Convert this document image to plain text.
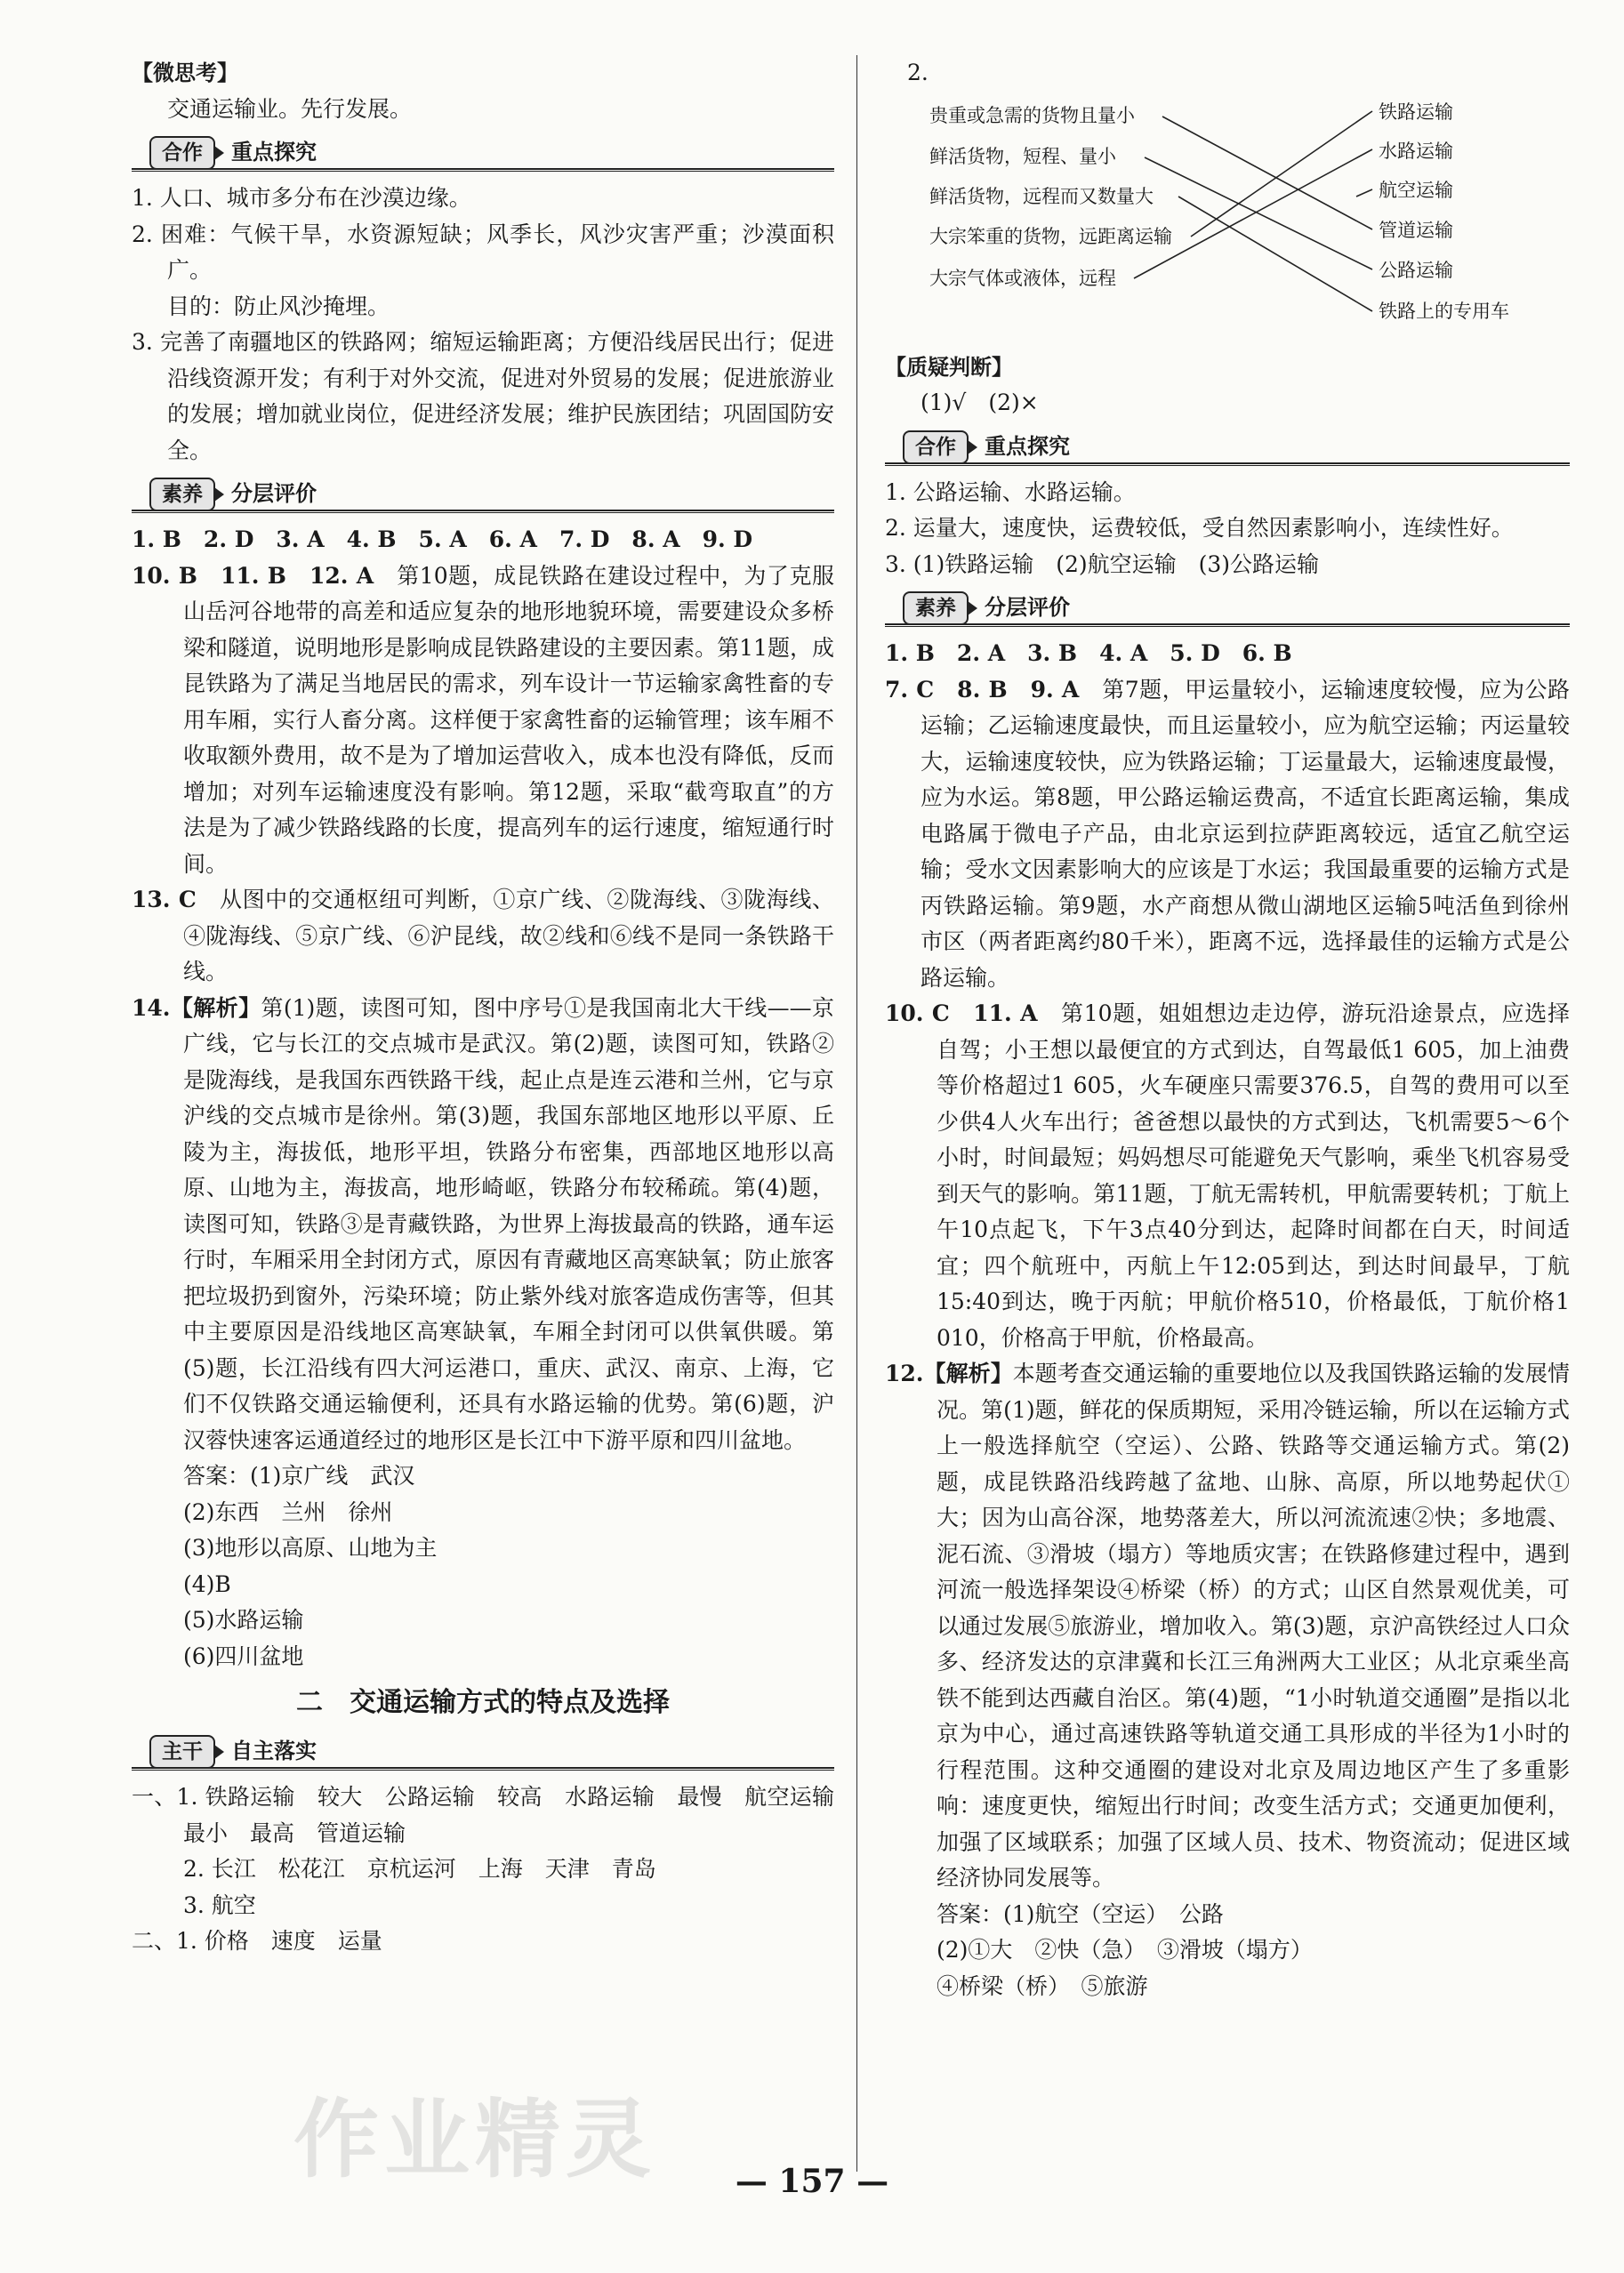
【微思考】

交通运输业。先行发展。

合作	重点探究

1. 人口、城市多分布在沙漠边缘。

2. 困难：气候干旱，水资源短缺；风季长，风沙灾害严重；沙漠面积广。

目的：防止风沙掩埋。

3. 完善了南疆地区的铁路网；缩短运输距离；方便沿线居民出行；促进沿线资源开发；有利于对外交流，促进对外贸易的发展；促进旅游业的发展；增加就业岗位，促进经济发展；维护民族团结；巩固国防安全。

素养	分层评价

1. B　2. D　3. A　4. B　5. A　6. A　7. D　8. A　9. D

10. B　11. B　12. A　第10题，成昆铁路在建设过程中，为了克服山岳河谷地带的高差和适应复杂的地形地貌环境，需要建设众多桥梁和隧道，说明地形是影响成昆铁路建设的主要因素。第11题，成昆铁路为了满足当地居民的需求，列车设计一节运输家禽牲畜的专用车厢，实行人畜分离。这样便于家禽牲畜的运输管理；该车厢不收取额外费用，故不是为了增加运营收入，成本也没有降低，反而增加；对列车运输速度没有影响。第12题，采取“截弯取直”的方法是为了减少铁路线路的长度，提高列车的运行速度，缩短通行时间。

13. C　从图中的交通枢纽可判断，①京广线、②陇海线、③陇海线、④陇海线、⑤京广线、⑥沪昆线，故②线和⑥线不是同一条铁路干线。

14.【解析】第(1)题，读图可知，图中序号①是我国南北大干线——京广线，它与长江的交点城市是武汉。第(2)题，读图可知，铁路②是陇海线，是我国东西铁路干线，起止点是连云港和兰州，它与京沪线的交点城市是徐州。第(3)题，我国东部地区地形以平原、丘陵为主，海拔低，地形平坦，铁路分布密集，西部地区地形以高原、山地为主，海拔高，地形崎岖，铁路分布较稀疏。第(4)题，读图可知，铁路③是青藏铁路，为世界上海拔最高的铁路，通车运行时，车厢采用全封闭方式，原因有青藏地区高寒缺氧；防止旅客把垃圾扔到窗外，污染环境；防止紫外线对旅客造成伤害等，但其中主要原因是沿线地区高寒缺氧，车厢全封闭可以供氧供暖。第(5)题，长江沿线有四大河运港口，重庆、武汉、南京、上海，它们不仅铁路交通运输便利，还具有水路运输的优势。第(6)题，沪汉蓉快速客运通道经过的地形区是长江中下游平原和四川盆地。

答案：(1)京广线　武汉

(2)东西　兰州　徐州

(3)地形以高原、山地为主

(4)B

(5)水路运输

(6)四川盆地

二　交通运输方式的特点及选择
主干	自主落实

一、1. 铁路运输　较大　公路运输　较高　水路运输　最慢　航空运输　最小　最高　管道运输

2. 长江　松花江　京杭运河　上海　天津　青岛

3. 航空

二、1. 价格　速度　运量

2.

贵重或急需的货物且量小
鲜活货物，短程、量小
鲜活货物，远程而又数量大
大宗笨重的货物，远距离运输
大宗气体或液体，远程
铁路运输
水路运输
航空运输
管道运输
公路运输
铁路上的专用车

【质疑判断】

(1)√　(2)×

合作	重点探究

1. 公路运输、水路运输。

2. 运量大，速度快，运费较低，受自然因素影响小，连续性好。

3. (1)铁路运输　(2)航空运输　(3)公路运输

素养	分层评价

1. B　2. A　3. B　4. A　5. D　6. B

7. C　8. B　9. A　第7题，甲运量较小，运输速度较慢，应为公路运输；乙运输速度最快，而且运量较小，应为航空运输；丙运量较大，运输速度较快，应为铁路运输；丁运量最大，运输速度最慢，应为水运。第8题，甲公路运输运费高，不适宜长距离运输，集成电路属于微电子产品，由北京运到拉萨距离较远，适宜乙航空运输；受水文因素影响大的应该是丁水运；我国最重要的运输方式是丙铁路运输。第9题，水产商想从微山湖地区运输5吨活鱼到徐州市区（两者距离约80千米），距离不远，选择最佳的运输方式是公路运输。

10. C　11. A　第10题，姐姐想边走边停，游玩沿途景点，应选择自驾；小王想以最便宜的方式到达，自驾最低1 605，加上油费等价格超过1 605，火车硬座只需要376.5，自驾的费用可以至少供4人火车出行；爸爸想以最快的方式到达，飞机需要5～6个小时，时间最短；妈妈想尽可能避免天气影响，乘坐飞机容易受到天气的影响。第11题，丁航无需转机，甲航需要转机；丁航上午10点起飞，下午3点40分到达，起降时间都在白天，时间适宜；四个航班中，丙航上午12:05到达，到达时间最早，丁航15:40到达，晚于丙航；甲航价格510，价格最低，丁航价格1 010，价格高于甲航，价格最高。

12.【解析】本题考查交通运输的重要地位以及我国铁路运输的发展情况。第(1)题，鲜花的保质期短，采用冷链运输，所以在运输方式上一般选择航空（空运）、公路、铁路等交通运输方式。第(2)题，成昆铁路沿线跨越了盆地、山脉、高原，所以地势起伏①大；因为山高谷深，地势落差大，所以河流流速②快；多地震、泥石流、③滑坡（塌方）等地质灾害；在铁路修建过程中，遇到河流一般选择架设④桥梁（桥）的方式；山区自然景观优美，可以通过发展⑤旅游业，增加收入。第(3)题，京沪高铁经过人口众多、经济发达的京津冀和长江三角洲两大工业区；从北京乘坐高铁不能到达西藏自治区。第(4)题，“1小时轨道交通圈”是指以北京为中心，通过高速铁路等轨道交通工具形成的半径为1小时的行程范围。这种交通圈的建设对北京及周边地区产生了多重影响：速度更快，缩短出行时间；改变生活方式；交通更加便利，加强了区域联系；加强了区域人员、技术、物资流动；促进区域经济协同发展等。

答案：(1)航空（空运）　公路

(2)①大　②快（急）　③滑坡（塌方）

④桥梁（桥）　⑤旅游

作业精灵	— 157 —
